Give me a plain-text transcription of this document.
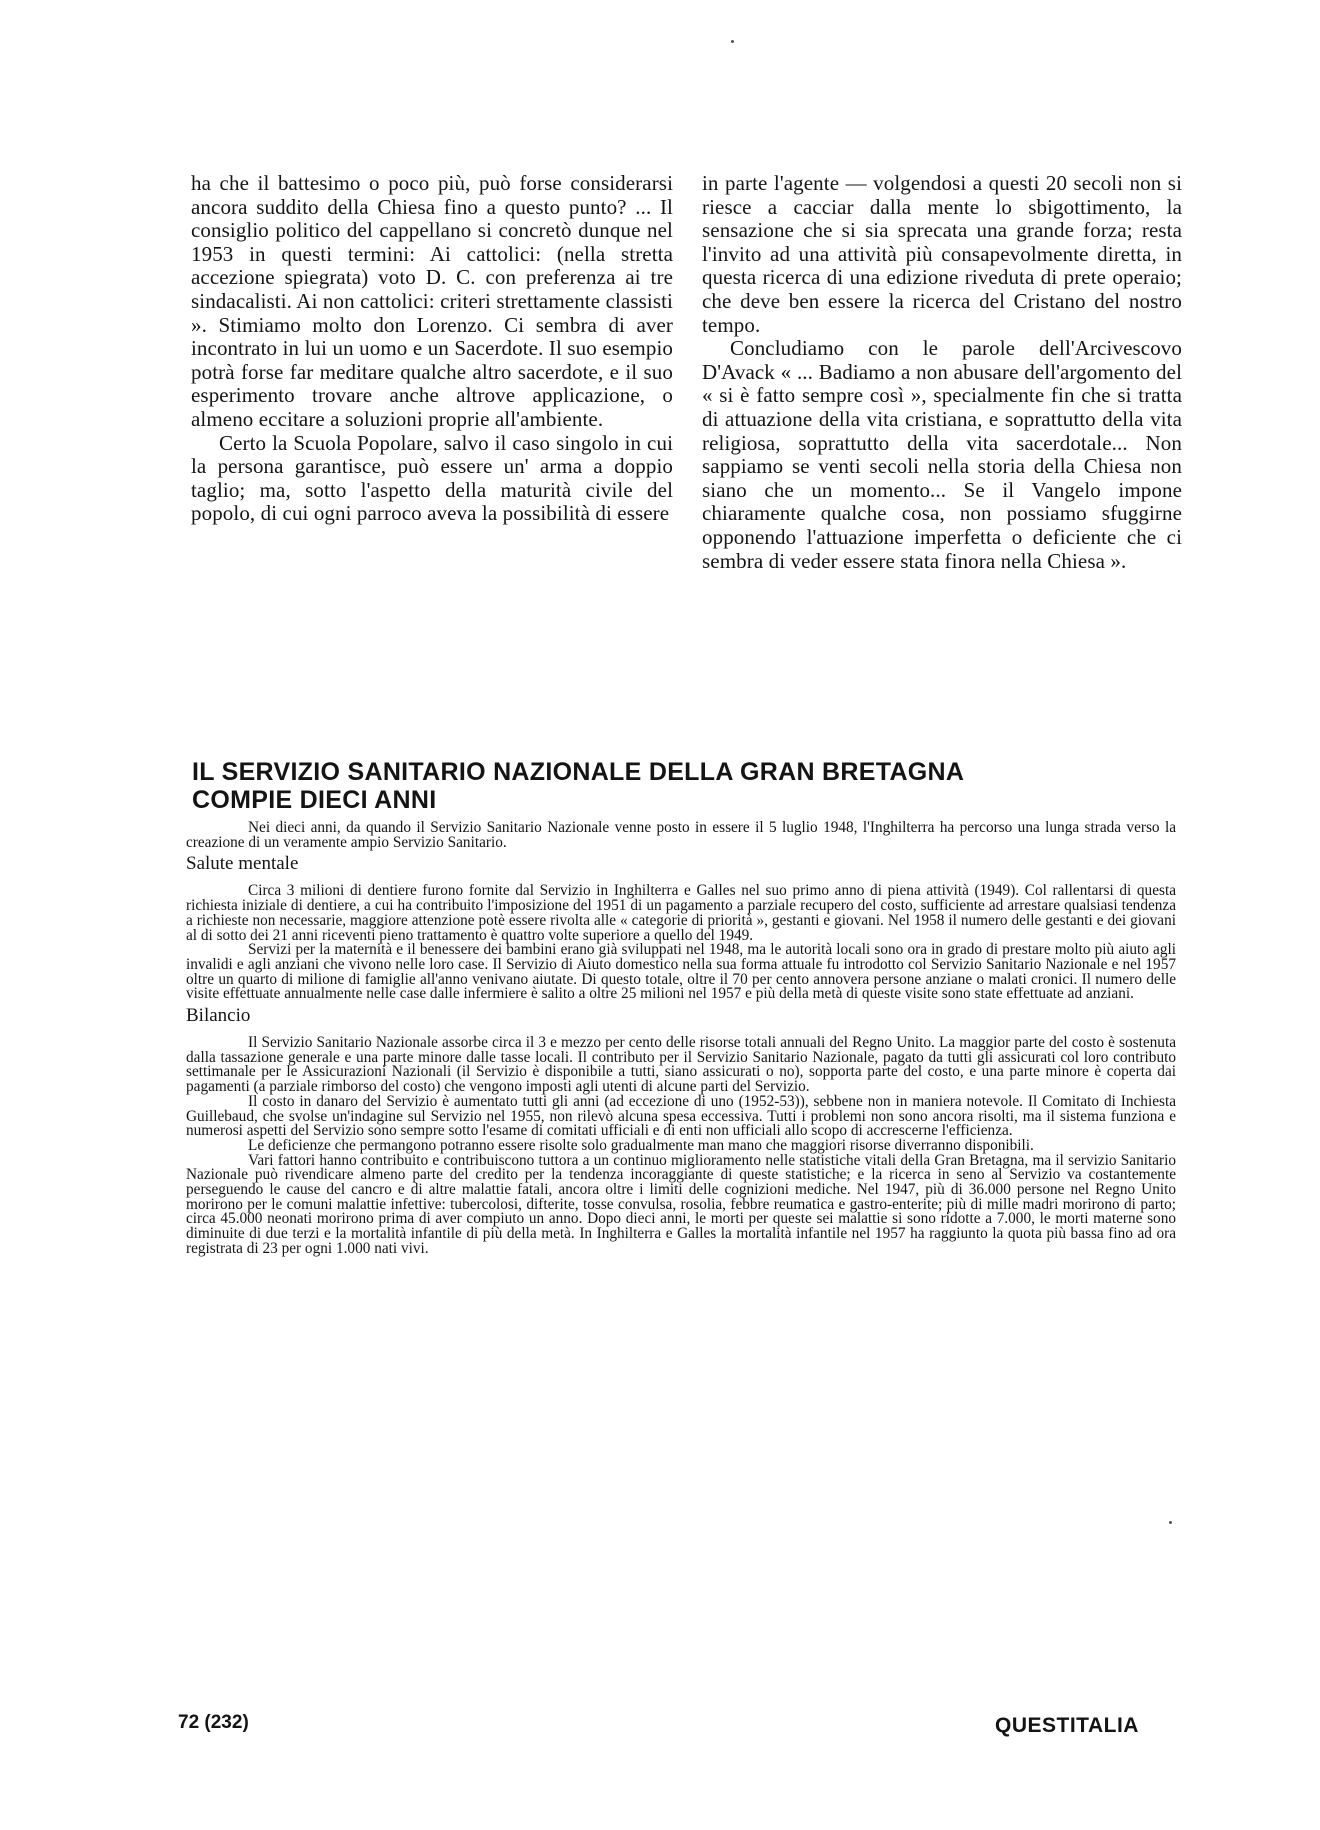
ha che il battesimo o poco più, può forse considerarsi ancora suddito della Chiesa fino a questo punto? ... Il consiglio politico del cappellano si concretò dunque nel 1953 in questi termini: Ai cattolici: (nella stretta accezione spiegrata) voto D. C. con preferenza ai tre sindacalisti. Ai non cattolici: criteri strettamente classisti ». Stimiamo molto don Lorenzo. Ci sembra di aver incontrato in lui un uomo e un Sacerdote. Il suo esempio potrà forse far meditare qualche altro sacerdote, e il suo esperimento trovare anche altrove applicazione, o almeno eccitare a soluzioni proprie all'ambiente.

Certo la Scuola Popolare, salvo il caso singolo in cui la persona garantisce, può essere un' arma a doppio taglio; ma, sotto l'aspetto della maturità civile del popolo, di cui ogni parroco aveva la possibilità di essere

in parte l'agente — volgendosi a questi 20 secoli non si riesce a cacciar dalla mente lo sbigottimento, la sensazione che si sia sprecata una grande forza; resta l'invito ad una attività più consapevolmente diretta, in questa ricerca di una edizione riveduta di prete operaio; che deve ben essere la ricerca del Cristano del nostro tempo.

Concludiamo con le parole dell'Arcivescovo D'Avack « ... Badiamo a non abusare dell'argomento del « si è fatto sempre così », specialmente fin che si tratta di attuazione della vita cristiana, e soprattutto della vita religiosa, soprattutto della vita sacerdotale... Non sappiamo se venti secoli nella storia della Chiesa non siano che un momento... Se il Vangelo impone chiaramente qualche cosa, non possiamo sfuggirne opponendo l'attuazione imperfetta o deficiente che ci sembra di veder essere stata finora nella Chiesa ».

IL SERVIZIO SANITARIO NAZIONALE DELLA GRAN BRETAGNA
COMPIE DIECI ANNI

Nei dieci anni, da quando il Servizio Sanitario Nazionale venne posto in essere il 5 luglio 1948, l'Inghilterra ha percorso una lunga strada verso la creazione di un veramente ampio Servizio Sanitario.

Salute mentale

Circa 3 milioni di dentiere furono fornite dal Servizio in Inghilterra e Galles nel suo primo anno di piena attività (1949). Col rallentarsi di questa richiesta iniziale di dentiere, a cui ha contribuito l'imposizione del 1951 di un pagamento a parziale recupero del costo, sufficiente ad arrestare qualsiasi tendenza a richieste non necessarie, maggiore attenzione potè essere rivolta alle « categorie di priorità », gestanti e giovani. Nel 1958 il numero delle gestanti e dei giovani al di sotto dei 21 anni riceventi pieno trattamento è quattro volte superiore a quello del 1949.

Servizi per la maternità e il benessere dei bambini erano già sviluppati nel 1948, ma le autorità locali sono ora in grado di prestare molto più aiuto agli invalidi e agli anziani che vivono nelle loro case. Il Servizio di Aiuto domestico nella sua forma attuale fu introdotto col Servizio Sanitario Nazionale e nel 1957 oltre un quarto di milione di famiglie all'anno venivano aiutate. Di questo totale, oltre il 70 per cento annovera persone anziane o malati cronici. Il numero delle visite effettuate annualmente nelle case dalle infermiere è salito a oltre 25 milioni nel 1957 e più della metà di queste visite sono state effettuate ad anziani.

Bilancio

Il Servizio Sanitario Nazionale assorbe circa il 3 e mezzo per cento delle risorse totali annuali del Regno Unito. La maggior parte del costo è sostenuta dalla tassazione generale e una parte minore dalle tasse locali. Il contributo per il Servizio Sanitario Nazionale, pagato da tutti gli assicurati col loro contributo settimanale per le Assicurazioni Nazionali (il Servizio è disponibile a tutti, siano assicurati o no), sopporta parte del costo, e una parte minore è coperta dai pagamenti (a parziale rimborso del costo) che vengono imposti agli utenti di alcune parti del Servizio.

Il costo in danaro del Servizio è aumentato tutti gli anni (ad eccezione di uno (1952-53)), sebbene non in maniera notevole. Il Comitato di Inchiesta Guillebaud, che svolse un'indagine sul Servizio nel 1955, non rilevò alcuna spesa eccessiva. Tutti i problemi non sono ancora risolti, ma il sistema funziona e numerosi aspetti del Servizio sono sempre sotto l'esame di comitati ufficiali e di enti non ufficiali allo scopo di accrescerne l'efficienza.

Le deficienze che permangono potranno essere risolte solo gradualmente man mano che maggiori risorse diverranno disponibili.

Vari fattori hanno contribuito e contribuiscono tuttora a un continuo miglioramento nelle statistiche vitali della Gran Bretagna, ma il servizio Sanitario Nazionale può rivendicare almeno parte del credito per la tendenza incoraggiante di queste statistiche; e la ricerca in seno al Servizio va costantemente perseguendo le cause del cancro e di altre malattie fatali, ancora oltre i limiti delle cognizioni mediche. Nel 1947, più di 36.000 persone nel Regno Unito morirono per le comuni malattie infettive: tubercolosi, difterite, tosse convulsa, rosolia, febbre reumatica e gastro-enterite; più di mille madri morirono di parto; circa 45.000 neonati morirono prima di aver compiuto un anno. Dopo dieci anni, le morti per queste sei malattie si sono ridotte a 7.000, le morti materne sono diminuite di due terzi e la mortalità infantile di più della metà. In Inghilterra e Galles la mortalità infantile nel 1957 ha raggiunto la quota più bassa fino ad ora registrata di 23 per ogni 1.000 nati vivi.

72 (232)	QUESTITALIA
